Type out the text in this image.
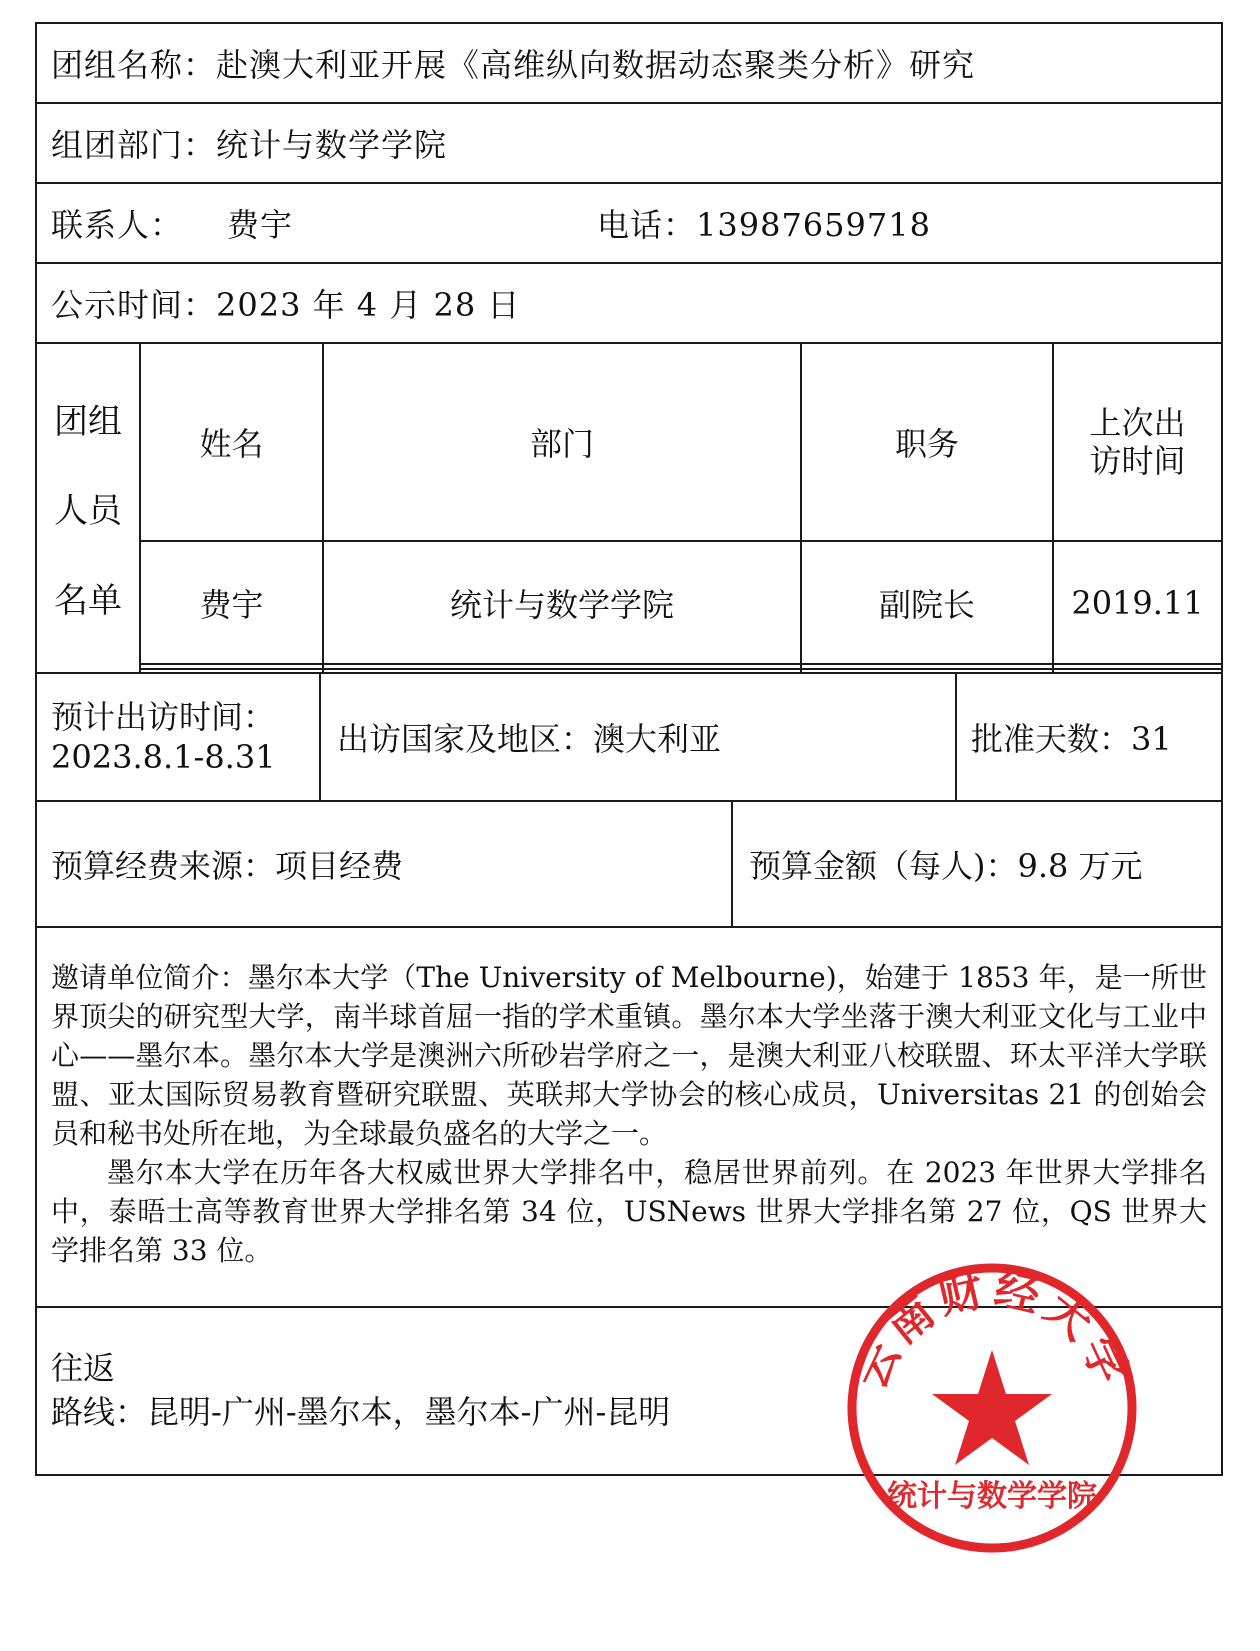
团组名称：赴澳大利亚开展《高维纵向数据动态聚类分析》研究
组团部门：统计与数学学院
联系人： 费宇	电话：13987659718
公示时间：2023 年 4 月 28 日
团组
人员
名单
姓名	部门	职务	上次出
访时间

费宇	统计与数学学院	副院长	2019.11

预计出访时间：
2023.8.1-8.31	出访国家及地区：澳大利亚	批准天数：31
预算经费来源：项目经费	预算金额（每人)：9.8 万元

邀请单位简介：墨尔本大学（The University of Melbourne)，始建于 1853 年，是一所世界顶尖的研究型大学，南半球首屈一指的学术重镇。墨尔本大学坐落于澳大利亚文化与工业中心——墨尔本。墨尔本大学是澳洲六所砂岩学府之一，是澳大利亚八校联盟、环太平洋大学联盟、亚太国际贸易教育暨研究联盟、英联邦大学协会的核心成员，Universitas 21 的创始会员和秘书处所在地，为全球最负盛名的大学之一。

墨尔本大学在历年各大权威世界大学排名中，稳居世界前列。在 2023 年世界大学排名中，泰晤士高等教育世界大学排名第 34 位，USNews 世界大学排名第 27 位，QS 世界大学排名第 33 位。

往返
路线：昆明-广州-墨尔本，墨尔本-广州-昆明
云南财经大学
统计与数学学院
